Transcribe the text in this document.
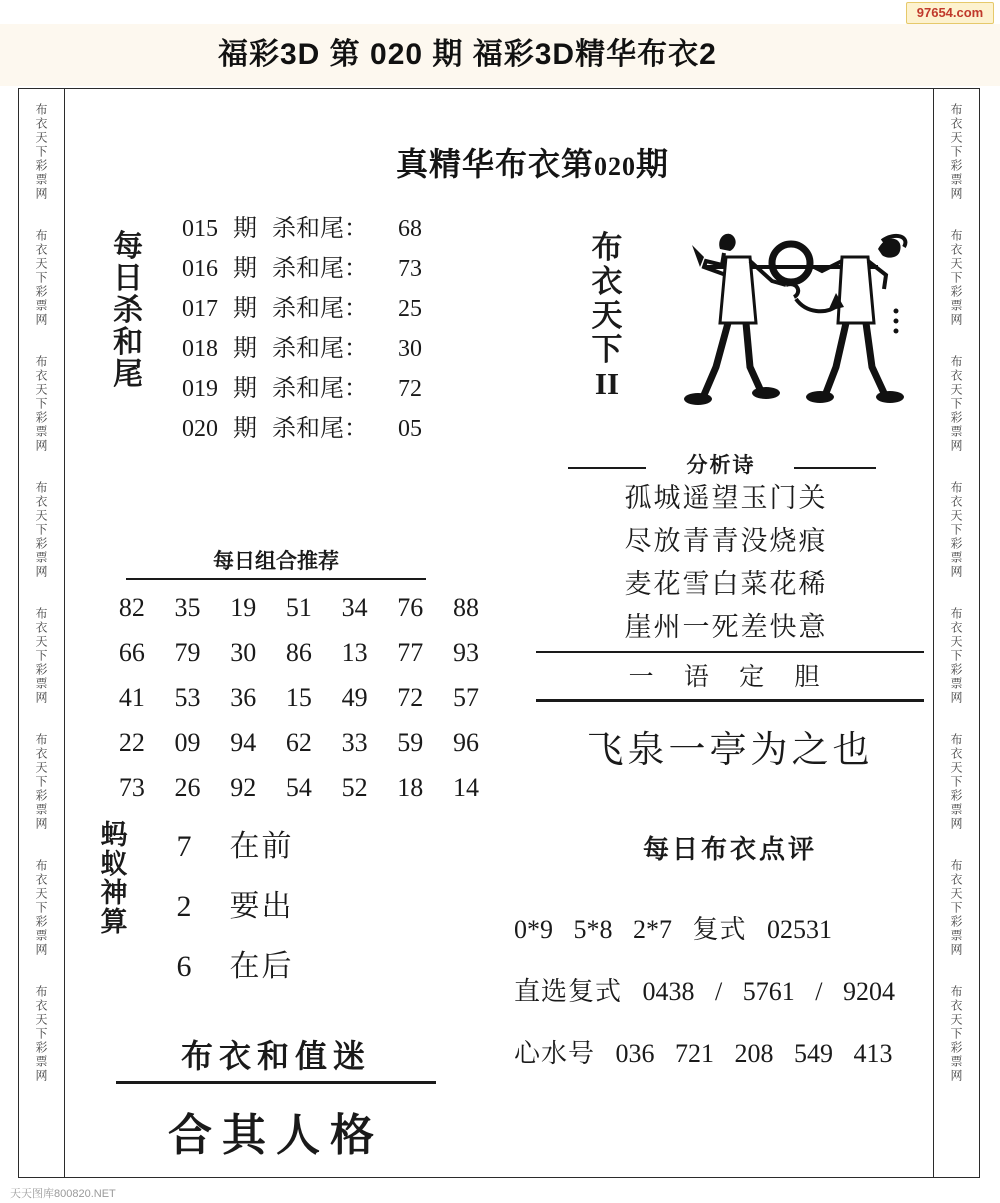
97654.com
福彩3D 第 020 期 福彩3D精华布衣2
布衣天下彩票网
布衣天下彩票网
布衣天下彩票网
布衣天下彩票网
布衣天下彩票网
布衣天下彩票网
布衣天下彩票网
布衣天下彩票网
布衣天下彩票网
布衣天下彩票网
布衣天下彩票网
布衣天下彩票网
布衣天下彩票网
布衣天下彩票网
布衣天下彩票网
布衣天下彩票网
真精华布衣第020期
每日杀和尾
015 期 杀和尾： 68
016 期 杀和尾： 73
017 期 杀和尾： 25
018 期 杀和尾： 30
019 期 杀和尾： 72
020 期 杀和尾： 05
每日组合推荐
82	35	19	51	34	76	88
66	79	30	86	13	77	93
41	53	36	15	49	72	57
22	09	94	62	33	59	96
73	26	92	54	52	18	14
蚂蚁神算
7 在前
2 要出
6 在后
布衣和值迷
合其人格
布衣天下
II
分析诗
孤城遥望玉门关
尽放青青没烧痕
麦花雪白菜花稀
崖州一死差快意
一 语 定 胆
飞泉一亭为之也
每日布衣点评
0*9 5*8 2*7 复式 02531
直选复式 0438 / 5761 / 9204
心水号 036 721 208 549 413
天天图库800820.NET
